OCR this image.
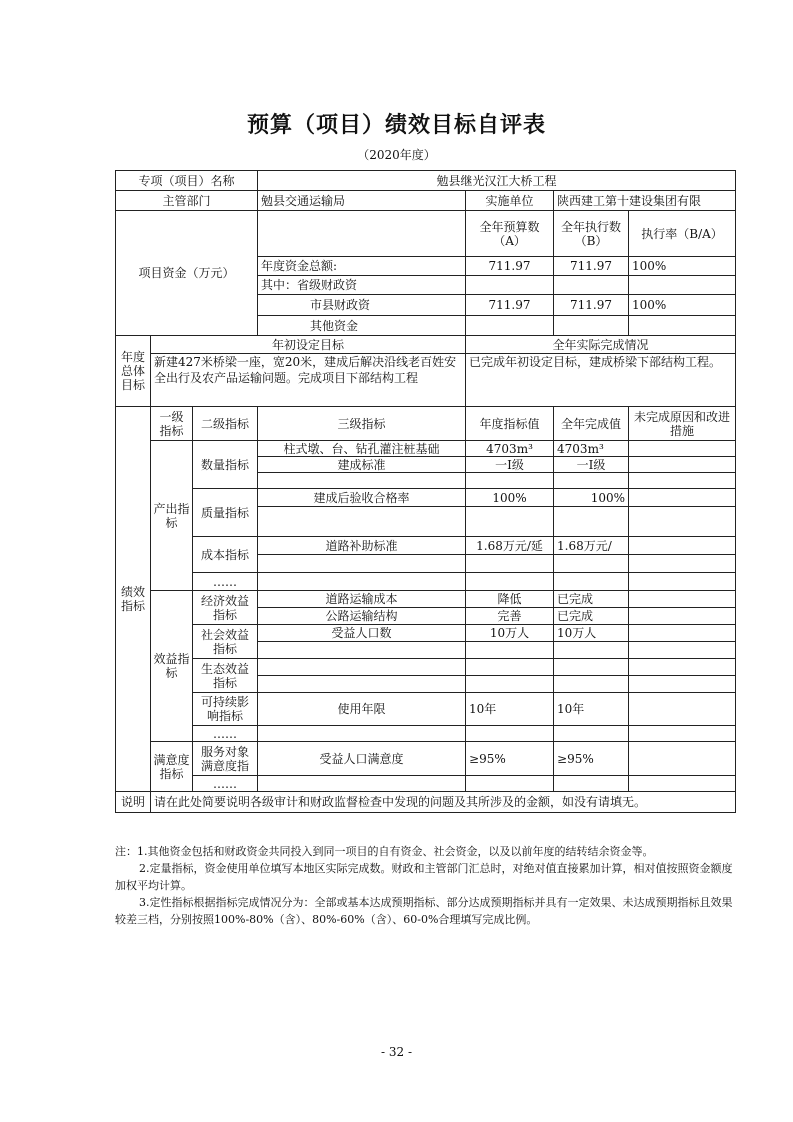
预算（项目）绩效目标自评表
（2020年度）
专项（项目）名称			勉县继光汉江大桥工程			
主管部门			勉县交通运输局	实施单位	陕西建工第十建设集团有限	
项目资金（万元）				全年预算数（A）	全年执行数（B）	执行率（B/A）
			年度资金总额:	711.97	711.97	100%
			其中：省级财政资			
			市县财政资	711.97	711.97	100%
			其他资金			
年度总体目标	年初设定目标			全年实际完成情况		
	新建427米桥梁一座，宽20米，建成后解决沿线老百姓安全出行及农产品运输问题。完成项目下部结构工程			已完成年初设定目标，建成桥梁下部结构工程。		
绩效指标	一级指标	二级指标	三级指标	年度指标值	全年完成值	未完成原因和改进措施
	产出指标	数量指标	柱式墩、台、钻孔灌注桩基础	4703m³	4703m³	
			建成标准	一Ⅰ级	一Ⅰ级	

		质量指标	建成后验收合格率	100%	100%	

		成本指标	道路补助标准	1.68万元/延	1.68万元/	

		……				
	效益指标	经济效益指标	道路运输成本	降低	已完成	
			公路运输结构	完善	已完成	
		社会效益指标	受益人口数	10万人	10万人	

		生态效益指标				

		可持续影响指标	使用年限	10年	10年	
		……				
	满意度指标	服务对象满意度指	受益人口满意度	≥95%	≥95%	
		……				
说明	请在此处简要说明各级审计和财政监督检查中发现的问题及其所涉及的金额，如没有请填无。					

注：1.其他资金包括和财政资金共同投入到同一项目的自有资金、社会资金，以及以前年度的结转结余资金等。

2.定量指标，资金使用单位填写本地区实际完成数。财政和主管部门汇总时，对绝对值直接累加计算，相对值按照资金额度加权平均计算。

3.定性指标根据指标完成情况分为：全部或基本达成预期指标、部分达成预期指标并具有一定效果、未达成预期指标且效果较差三档，分别按照100%-80%（含）、80%-60%（含）、60-0%合理填写完成比例。

- 32 -
